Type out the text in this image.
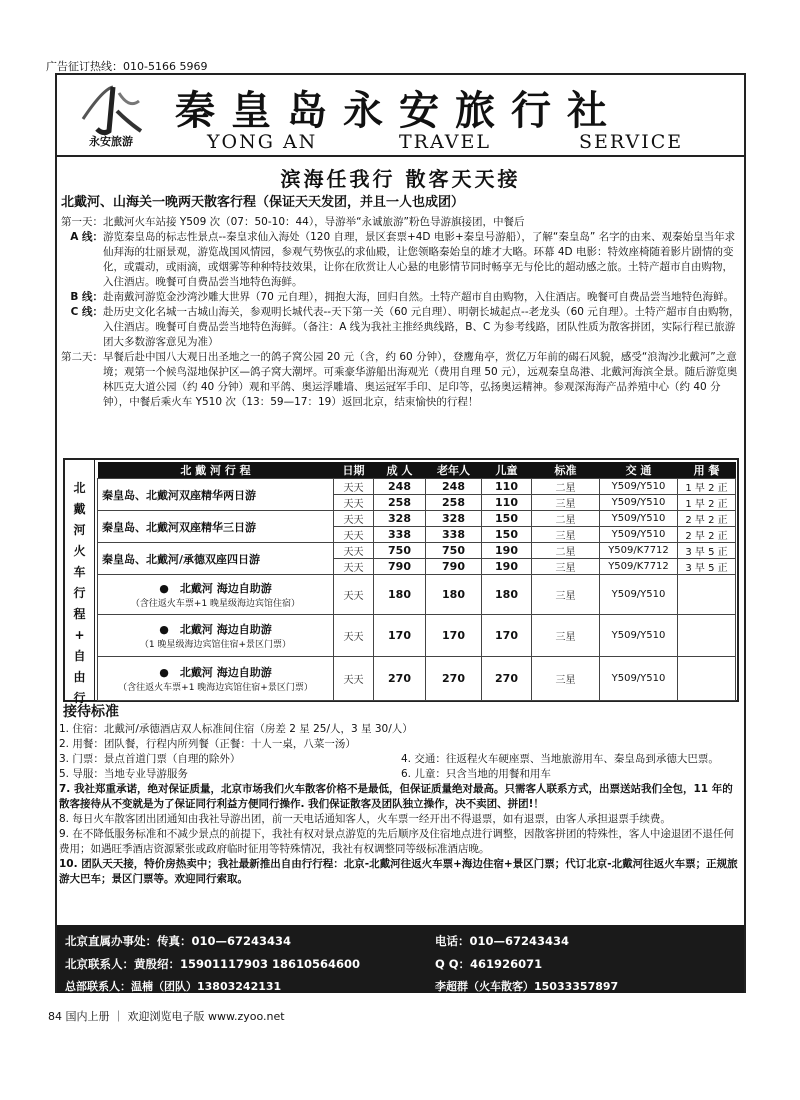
广告征订热线：010-5166 5969
永安旅游
秦皇岛永安旅行社
YONG AN	TRAVEL	SERVICE
滨海任我行 散客天天接
北戴河、山海关一晚两天散客行程（保证天天发团，并且一人也成团）
第一天： 北戴河火车站接 Y509 次（07：50-10：44），导游举“永诚旅游”粉色导游旗接团，中餐后
A 线： 游览秦皇岛的标志性景点--秦皇求仙入海处（120 自理，景区套票+4D 电影+秦皇号游船），了解“秦皇岛” 名字的由来、观秦始皇当年求仙拜海的壮丽景观，游览战国风情园，参观气势恢弘的求仙殿，让您领略秦始皇的雄才大略。环幕 4D 电影：特效座椅随着影片剧情的变化，或震动，或雨滴，或烟雾等种种特技效果，让你在欣赏让人心悬的电影情节同时畅享无与伦比的超动感之旅。土特产超市自由购物，入住酒店。晚餐可自费品尝当地特色海鲜。
B 线： 赴南戴河游览金沙湾沙雕大世界（70 元自理），拥抱大海，回归自然。土特产超市自由购物，入住酒店。晚餐可自费品尝当地特色海鲜。
C 线： 赴历史文化名城一古城山海关，参观明长城代表--天下第一关（60 元自理）、明朝长城起点--老龙头（60 元自理）。土特产超市自由购物，入住酒店。晚餐可自费品尝当地特色海鲜。（备注：A 线为我社主推经典线路，B、C 为参考线路，团队性质为散客拼团，实际行程已旅游团大多数游客意见为准）
第二天： 早餐后赴中国八大观日出圣地之一的鸽子窝公园 20 元（含，约 60 分钟），登鹰角亭，赏亿万年前的碣石风貌，感受“浪淘沙北戴河”之意境；观第一个候鸟湿地保护区—鸽子窝大潮坪。可乘豪华游船出海观光（费用自理 50 元），远观秦皇岛港、北戴河海滨全景。随后游览奥林匹克大道公园（约 40 分钟）观和平鸽、奥运浮雕墙、奥运冠军手印、足印等，弘扬奥运精神。参观深海海产品养殖中心（约 40 分钟），中餐后乘火车 Y510 次（13：59—17：19）返回北京，结束愉快的行程！
北
戴
河
火
车
行
程
+
自
由
行
北 戴 河 行 程	日期	成 人	老年人	儿童	标准	交 通	用 餐
秦皇岛、北戴河双座精华两日游	天天	248	248	110	二星	Y509/Y510	1 早 2 正
	天天	258	258	110	三星	Y509/Y510	1 早 2 正
秦皇岛、北戴河双座精华三日游	天天	328	328	150	二星	Y509/Y510	2 早 2 正
	天天	338	338	150	三星	Y509/Y510	2 早 2 正
秦皇岛、北戴河/承德双座四日游	天天	750	750	190	二星	Y509/K7712	3 早 5 正
	天天	790	790	190	三星	Y509/K7712	3 早 5 正

●　北戴河 海边自助游
（含往返火车票+1 晚星级海边宾馆住宿）	天天	180	180	180	三星	Y509/Y510	

●　北戴河 海边自助游
（1 晚星级海边宾馆住宿+景区门票）	天天	170	170	170	三星	Y509/Y510	

●　北戴河 海边自助游
（含往返火车票+1 晚海边宾馆住宿+景区门票）	天天	270	270	270	三星	Y509/Y510	
接待标准
1. 住宿：北戴河/承德酒店双人标准间住宿（房差 2 星 25/人，3 星 30/人）
2. 用餐：团队餐，行程内所列餐（正餐：十人一桌，八菜一汤）
3. 门票：景点首道门票（自理的除外）	4. 交通：往返程火车硬座票、当地旅游用车、秦皇岛到承德大巴票。
5. 导服：当地专业导游服务	6. 儿童：只含当地的用餐和用车
7. 我社郑重承诺，绝对保证质量，北京市场我们火车散客价格不是最低，但保证质量绝对最高。只需客人联系方式，出票送站我们全包，11 年的散客接待从不变就是为了保证同行利益方便同行操作. 我们保证散客及团队独立操作，决不卖团、拼团!！
8. 每日火车散客团出团通知由我社导游出团，前一天电话通知客人，火车票一经开出不得退票，如有退票，由客人承担退票手续费。
9. 在不降低服务标准和不减少景点的前提下，我社有权对景点游览的先后顺序及住宿地点进行调整，因散客拼团的特殊性，客人中途退团不退任何费用；如遇旺季酒店资源紧张或政府临时征用等特殊情况，我社有权调整同等级标准酒店晚。
10. 团队天天接，特价房热卖中；我社最新推出自由行行程：北京-北戴河往返火车票+海边住宿+景区门票；代订北京-北戴河往返火车票；正规旅游大巴车；景区门票等。欢迎同行索取。
北京直属办事处：传真：010—67243434	电话：010—67243434
北京联系人：黄殷绍：15901117903 18610564600	Q Q：461926071
总部联系人：温楠（团队）13803242131	李超群（火车散客）15033357897
84 国内上册 ｜ 欢迎浏览电子版 www.zyoo.net
